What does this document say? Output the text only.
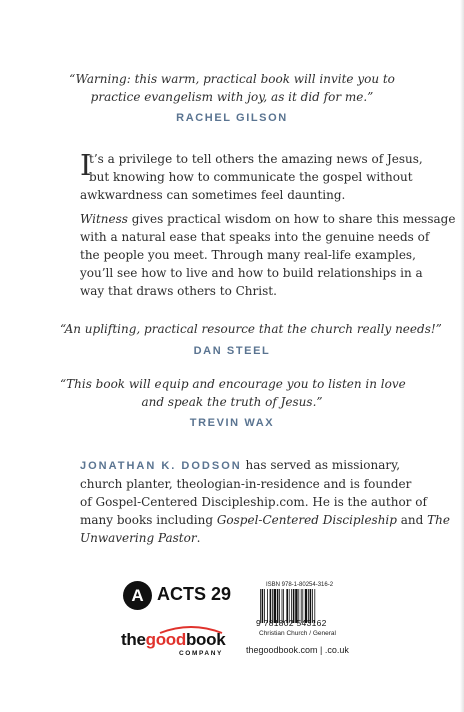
“Warning: this warm, practical book will invite you to
practice evangelism with joy, as it did for me.”
RACHEL GILSON
I
t’s a privilege to tell others the amazing news of Jesus,
but knowing how to communicate the gospel without
awkwardness can sometimes feel daunting.
Witness gives practical wisdom on how to share this message
with a natural ease that speaks into the genuine needs of
the people you meet. Through many real-life examples,
you’ll see how to live and how to build relationships in a
way that draws others to Christ.
“An uplifting, practical resource that the church really needs!”
DAN STEEL
“This book will equip and encourage you to listen in love
and speak the truth of Jesus.”
TREVIN WAX
JONATHAN K. DODSON has served as missionary,
church planter, theologian-in-residence and is founder
of Gospel-Centered Discipleship.com. He is the author of
many books including Gospel-Centered Discipleship and The
Unwavering Pastor.
A ACTS 29
thegoodbook
COMPANY
ISBN 978-1-80254-316-2
9 781802 543162
Christian Church / General
thegoodbook.com | .co.uk
